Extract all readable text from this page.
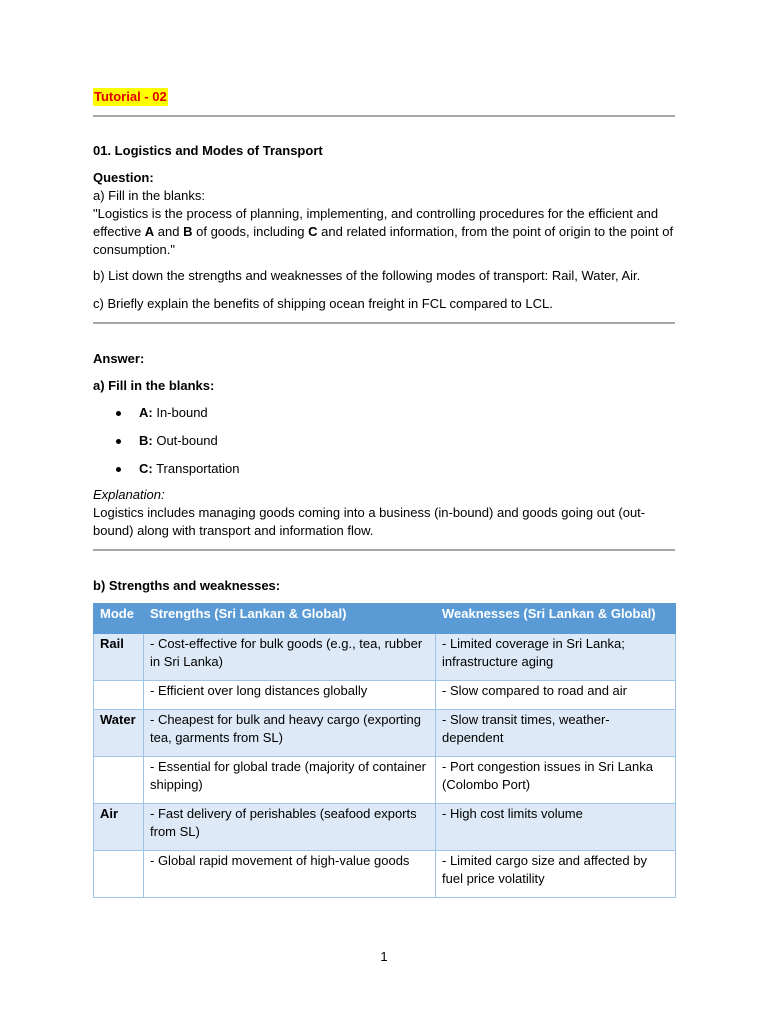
Tutorial - 02
01. Logistics and Modes of Transport
Question:
a) Fill in the blanks:
"Logistics is the process of planning, implementing, and controlling procedures for the efficient and effective A and B of goods, including C and related information, from the point of origin to the point of consumption."
b) List down the strengths and weaknesses of the following modes of transport: Rail, Water, Air.
c) Briefly explain the benefits of shipping ocean freight in FCL compared to LCL.
Answer:
a) Fill in the blanks:
A: In-bound
B: Out-bound
C: Transportation
Explanation:
Logistics includes managing goods coming into a business (in-bound) and goods going out (out-bound) along with transport and information flow.
b) Strengths and weaknesses:
Mode	Strengths (Sri Lankan & Global)	Weaknesses (Sri Lankan & Global)
Rail	- Cost-effective for bulk goods (e.g., tea, rubber in Sri Lanka)	- Limited coverage in Sri Lanka; infrastructure aging
	- Efficient over long distances globally	- Slow compared to road and air
Water	- Cheapest for bulk and heavy cargo (exporting tea, garments from SL)	- Slow transit times, weather-dependent
	- Essential for global trade (majority of container shipping)	- Port congestion issues in Sri Lanka (Colombo Port)
Air	- Fast delivery of perishables (seafood exports from SL)	- High cost limits volume
	- Global rapid movement of high-value goods	- Limited cargo size and affected by fuel price volatility
1
